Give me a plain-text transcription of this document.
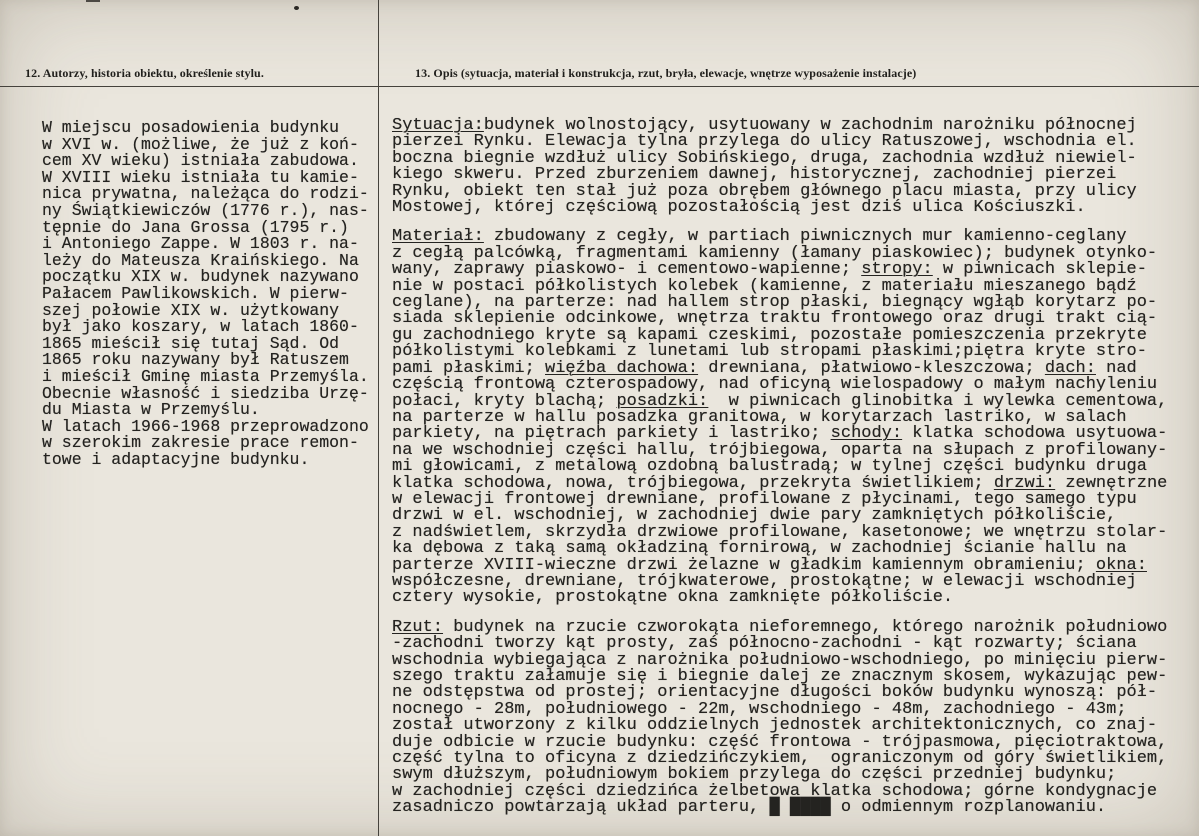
12. Autorzy, historia obiektu, określenie stylu.	13. Opis (sytuacja, materiał i konstrukcja, rzut, bryła, elewacje, wnętrze wyposażenie instalacje)
W miejscu posadowienia budynku
w XVI w. (możliwe, że już z koń-
cem XV wieku) istniała zabudowa.
W XVIII wieku istniała tu kamie-
nica prywatna, należąca do rodzi-
ny Świątkiewiczów (1776 r.), nas-
tępnie do Jana Grossa (1795 r.)
i Antoniego Zappe. W 1803 r. na-
leży do Mateusza Kraińskiego. Na
początku XIX w. budynek nazywano
Pałacem Pawlikowskich. W pierw-
szej połowie XIX w. użytkowany
był jako koszary, w latach 1860-
1865 mieścił się tutaj Sąd. Od
1865 roku nazywany był Ratuszem
i mieścił Gminę miasta Przemyśla.
Obecnie własność i siedziba Urzę-
du Miasta w Przemyślu.
W latach 1966-1968 przeprowadzono
w szerokim zakresie prace remon-
towe i adaptacyjne budynku.
Sytuacja:budynek wolnostojący, usytuowany w zachodnim narożniku północnej
pierzei Rynku. Elewacja tylna przylega do ulicy Ratuszowej, wschodnia el.
boczna biegnie wzdłuż ulicy Sobińskiego, druga, zachodnia wzdłuż niewiel-
kiego skweru. Przed zburzeniem dawnej, historycznej, zachodniej pierzei
Rynku, obiekt ten stał już poza obrębem głównego placu miasta, przy ulicy
Mostowej, której częściową pozostałością jest dziś ulica Kościuszki.
Materiał: zbudowany z cegły, w partiach piwnicznych mur kamienno-ceglany
z cegłą palcówką, fragmentami kamienny (łamany piaskowiec); budynek otynko-
wany, zaprawy piaskowo- i cementowo-wapienne; stropy: w piwnicach sklepie-
nie w postaci półkolistych kolebek (kamienne, z materiału mieszanego bądź
ceglane), na parterze: nad hallem strop płaski, biegnący wgłąb korytarz po-
siada sklepienie odcinkowe, wnętrza traktu frontowego oraz drugi trakt cią-
gu zachodniego kryte są kapami czeskimi, pozostałe pomieszczenia przekryte
półkolistymi kolebkami z lunetami lub stropami płaskimi;piętra kryte stro-
pami płaskimi; więźba dachowa: drewniana, płatwiowo-kleszczowa; dach: nad
częścią frontową czterospadowy, nad oficyną wielospadowy o małym nachyleniu
połaci, kryty blachą; posadzki:  w piwnicach glinobitka i wylewka cementowa,
na parterze w hallu posadzka granitowa, w korytarzach lastriko, w salach
parkiety, na piętrach parkiety i lastriko; schody: klatka schodowa usytuowa-
na we wschodniej części hallu, trójbiegowa, oparta na słupach z profilowany-
mi głowicami, z metalową ozdobną balustradą; w tylnej części budynku druga
klatka schodowa, nowa, trójbiegowa, przekryta świetlikiem; drzwi: zewnętrzne
w elewacji frontowej drewniane, profilowane z płycinami, tego samego typu
drzwi w el. wschodniej, w zachodniej dwie pary zamkniętych półkoliście,
z nadświetlem, skrzydła drzwiowe profilowane, kasetonowe; we wnętrzu stolar-
ka dębowa z taką samą okładziną fornirową, w zachodniej ścianie hallu na
parterze XVIII-wieczne drzwi żelazne w gładkim kamiennym obramieniu; okna:
współczesne, drewniane, trójkwaterowe, prostokątne; w elewacji wschodniej
cztery wysokie, prostokątne okna zamknięte półkoliście.
Rzut: budynek na rzucie czworokąta nieforemnego, którego narożnik południowo
-zachodni tworzy kąt prosty, zaś północno-zachodni - kąt rozwarty; ściana
wschodnia wybiegająca z narożnika południowo-wschodniego, po minięciu pierw-
szego traktu załamuje się i biegnie dalej ze znacznym skosem, wykazując pew-
ne odstępstwa od prostej; orientacyjne długości boków budynku wynoszą: pół-
nocnego - 28m, południowego - 22m, wschodniego - 48m, zachodniego - 43m;
został utworzony z kilku oddzielnych jednostek architektonicznych, co znaj-
duje odbicie w rzucie budynku: część frontowa - trójpasmowa, pięciotraktowa,
część tylna to oficyna z dziedzińczykiem,  ograniczonym od góry świetlikiem,
swym dłuższym, południowym bokiem przylega do części przedniej budynku;
w zachodniej części dziedzińca żelbetowa klatka schodowa; górne kondygnacje
zasadniczo powtarzają układ parteru, █ ████ o odmiennym rozplanowaniu.
